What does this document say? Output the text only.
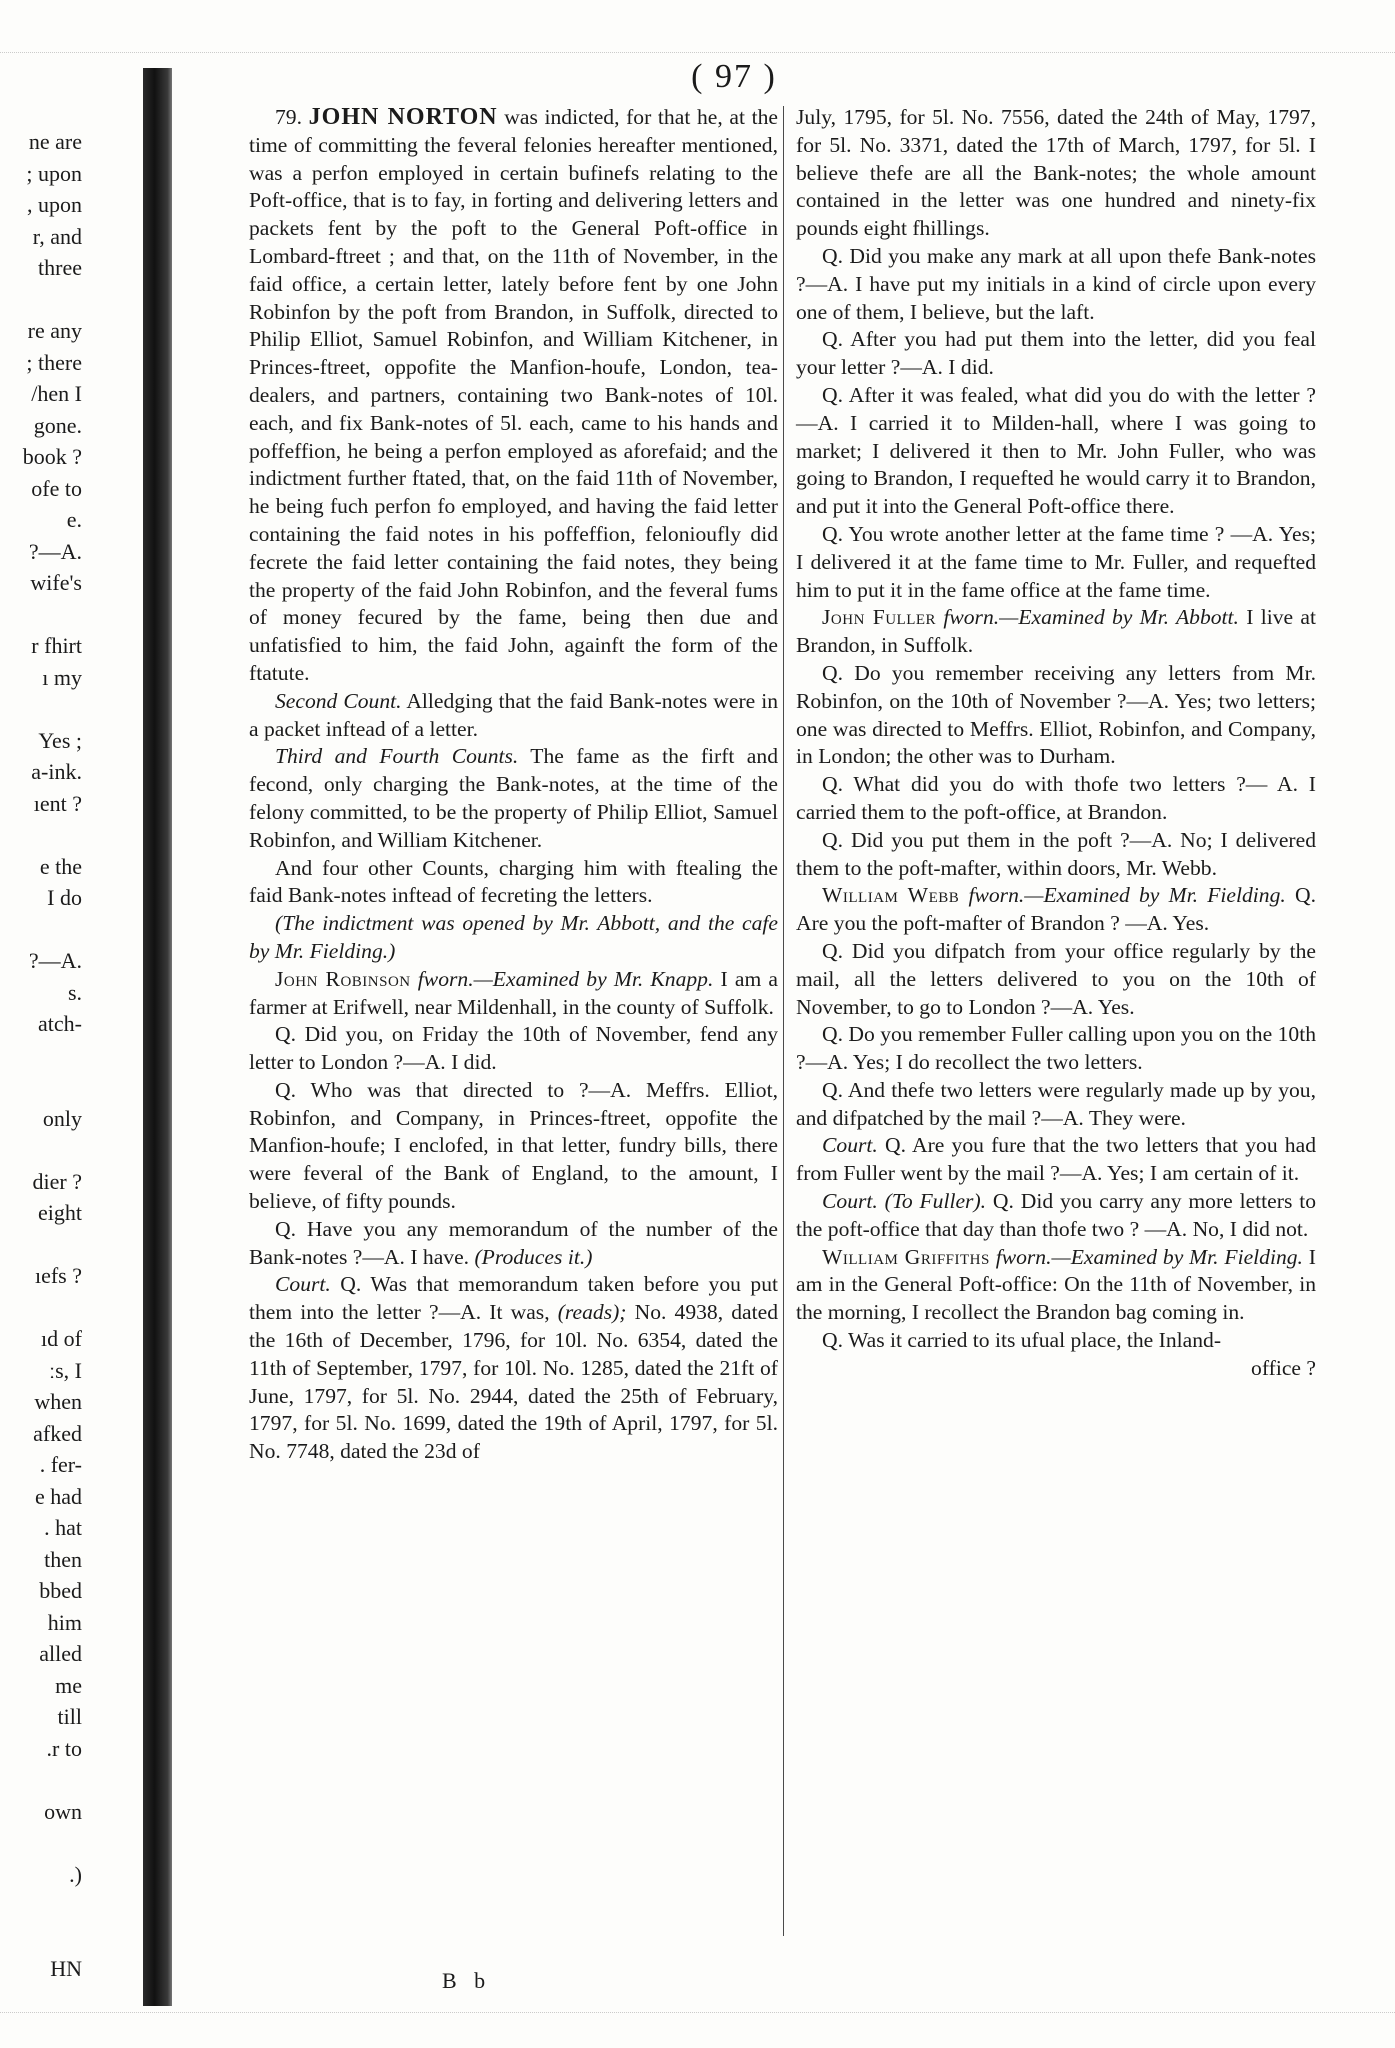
ne are
; upon
, upon
r, and
three
re any
; there
/hen I
gone.
book ?
ofe to
e.
?—A.
wife's
r fhirt
ı my
Yes ;
a-ink.
ıent ?
e the
I do
?—A.
s.
atch-
only
dier ?
eight
ıefs ?
ıd of
ːs, I
when
afked
. fer-
e had
. hat
then
bbed
him
alled
me
till
.r to
own
.)
HN
( 97 )

79. JOHN NORTON was indicted, for that he, at the time of committing the feveral felonies hereafter mentioned, was a perfon employed in certain bufinefs relating to the Poft-office, that is to fay, in forting and delivering letters and packets fent by the poft to the General Poft-office in Lombard-ftreet ; and that, on the 11th of November, in the faid office, a certain letter, lately before fent by one John Robinfon by the poft from Brandon, in Suffolk, directed to Philip Elliot, Samuel Robinfon, and William Kitchener, in Princes-ftreet, oppofite the Manfion-houfe, London, tea-dealers, and partners, containing two Bank-notes of 10l. each, and fix Bank-notes of 5l. each, came to his hands and poffeffion, he being a perfon employed as aforefaid; and the indictment further ftated, that, on the faid 11th of November, he being fuch perfon fo employed, and having the faid letter containing the faid notes in his poffeffion, felonioufly did fecrete the faid letter containing the faid notes, they being the property of the faid John Robinfon, and the feveral fums of money fecured by the fame, being then due and unfatisfied to him, the faid John, againft the form of the ftatute.

Second Count. Alledging that the faid Bank-notes were in a packet inftead of a letter.

Third and Fourth Counts. The fame as the firft and fecond, only charging the Bank-notes, at the time of the felony committed, to be the property of Philip Elliot, Samuel Robinfon, and William Kitchener.

And four other Counts, charging him with ftealing the faid Bank-notes inftead of fecreting the letters.

(The indictment was opened by Mr. Abbott, and the cafe by Mr. Fielding.)

John Robinson fworn.—Examined by Mr. Knapp. I am a farmer at Erifwell, near Mildenhall, in the county of Suffolk.

Q. Did you, on Friday the 10th of November, fend any letter to London ?—A. I did.

Q. Who was that directed to ?—A. Meffrs. Elliot, Robinfon, and Company, in Princes-ftreet, oppofite the Manfion-houfe; I enclofed, in that letter, fundry bills, there were feveral of the Bank of England, to the amount, I believe, of fifty pounds.

Q. Have you any memorandum of the number of the Bank-notes ?—A. I have. (Produces it.)

Court. Q. Was that memorandum taken before you put them into the letter ?—A. It was, (reads); No. 4938, dated the 16th of December, 1796, for 10l. No. 6354, dated the 11th of September, 1797, for 10l. No. 1285, dated the 21ft of June, 1797, for 5l. No. 2944, dated the 25th of February, 1797, for 5l. No. 1699, dated the 19th of April, 1797, for 5l. No. 7748, dated the 23d of

July, 1795, for 5l. No. 7556, dated the 24th of May, 1797, for 5l. No. 3371, dated the 17th of March, 1797, for 5l. I believe thefe are all the Bank-notes; the whole amount contained in the letter was one hundred and ninety-fix pounds eight fhillings.

Q. Did you make any mark at all upon thefe Bank-notes ?—A. I have put my initials in a kind of circle upon every one of them, I believe, but the laft.

Q. After you had put them into the letter, did you feal your letter ?—A. I did.

Q. After it was fealed, what did you do with the letter ?—A. I carried it to Milden-hall, where I was going to market; I delivered it then to Mr. John Fuller, who was going to Brandon, I requefted he would carry it to Brandon, and put it into the General Poft-office there.

Q. You wrote another letter at the fame time ? —A. Yes; I delivered it at the fame time to Mr. Fuller, and requefted him to put it in the fame office at the fame time.

John Fuller fworn.—Examined by Mr. Abbott. I live at Brandon, in Suffolk.

Q. Do you remember receiving any letters from Mr. Robinfon, on the 10th of November ?—A. Yes; two letters; one was directed to Meffrs. Elliot, Robinfon, and Company, in London; the other was to Durham.

Q. What did you do with thofe two letters ?— A. I carried them to the poft-office, at Brandon.

Q. Did you put them in the poft ?—A. No; I delivered them to the poft-mafter, within doors, Mr. Webb.

William Webb fworn.—Examined by Mr. Fielding. Q. Are you the poft-mafter of Brandon ? —A. Yes.

Q. Did you difpatch from your office regularly by the mail, all the letters delivered to you on the 10th of November, to go to London ?—A. Yes.

Q. Do you remember Fuller calling upon you on the 10th ?—A. Yes; I do recollect the two letters.

Q. And thefe two letters were regularly made up by you, and difpatched by the mail ?—A. They were.

Court. Q. Are you fure that the two letters that you had from Fuller went by the mail ?—A. Yes; I am certain of it.

Court. (To Fuller). Q. Did you carry any more letters to the poft-office that day than thofe two ? —A. No, I did not.

William Griffiths fworn.—Examined by Mr. Fielding. I am in the General Poft-office: On the 11th of November, in the morning, I recollect the Brandon bag coming in.

Q. Was it carried to its ufual place, the Inland-
office ?

B b
